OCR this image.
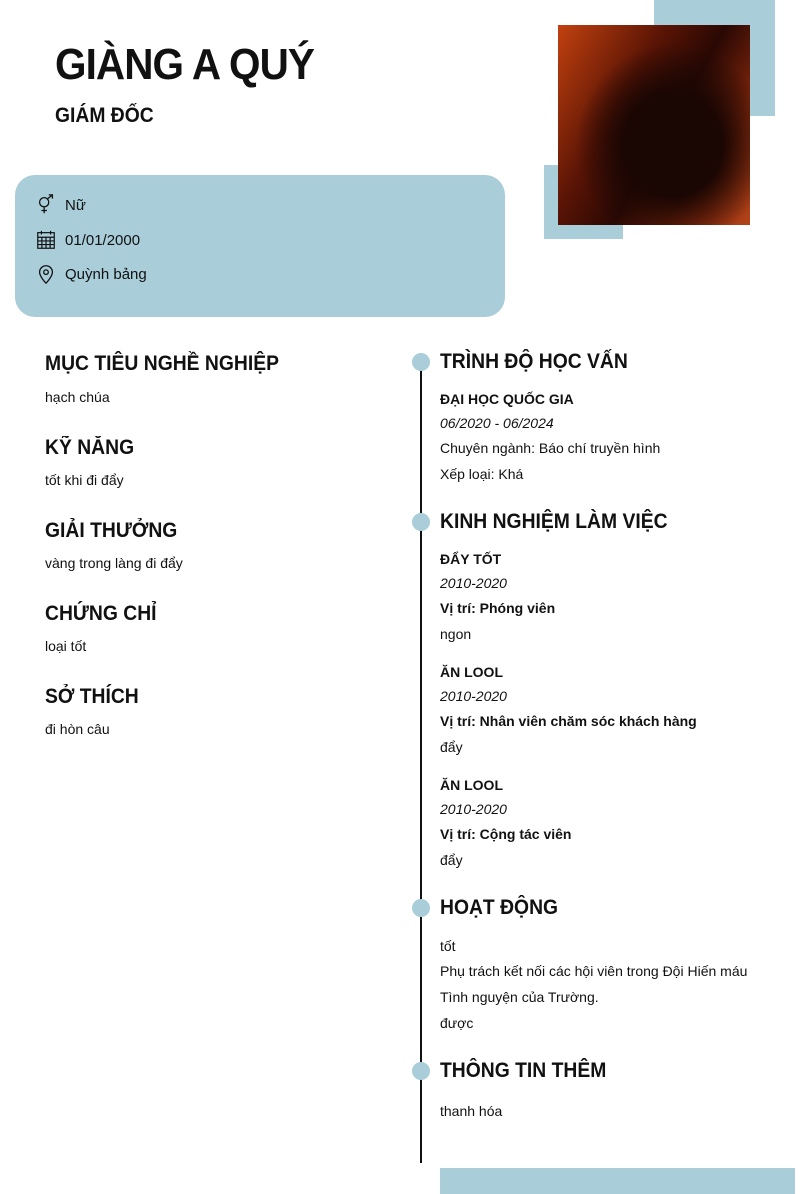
GIÀNG A QUÝ
GIÁM ĐỐC
Nữ
01/01/2000
Quỳnh bảng
MỤC TIÊU NGHỀ NGHIỆP
hạch chúa
KỸ NĂNG
tốt khi đi đẩy
GIẢI THƯỞNG
vàng trong làng đi đẩy
CHỨNG CHỈ
loại tốt
SỞ THÍCH
đi hòn câu
TRÌNH ĐỘ HỌC VẤN
ĐẠI HỌC QUỐC GIA
06/2020 - 06/2024
Chuyên ngành: Báo chí truyền hình
Xếp loại: Khá
KINH NGHIỆM LÀM VIỆC
ĐẨY TỐT
2010-2020
Vị trí: Phóng viên
ngon
ĂN LOOL
2010-2020
Vị trí: Nhân viên chăm sóc khách hàng
đẩy
ĂN LOOL
2010-2020
Vị trí: Cộng tác viên
đẩy
HOẠT ĐỘNG
tốt
Phụ trách kết nối các hội viên trong Đội Hiến máu
Tình nguyện của Trường.
được
THÔNG TIN THÊM
thanh hóa
